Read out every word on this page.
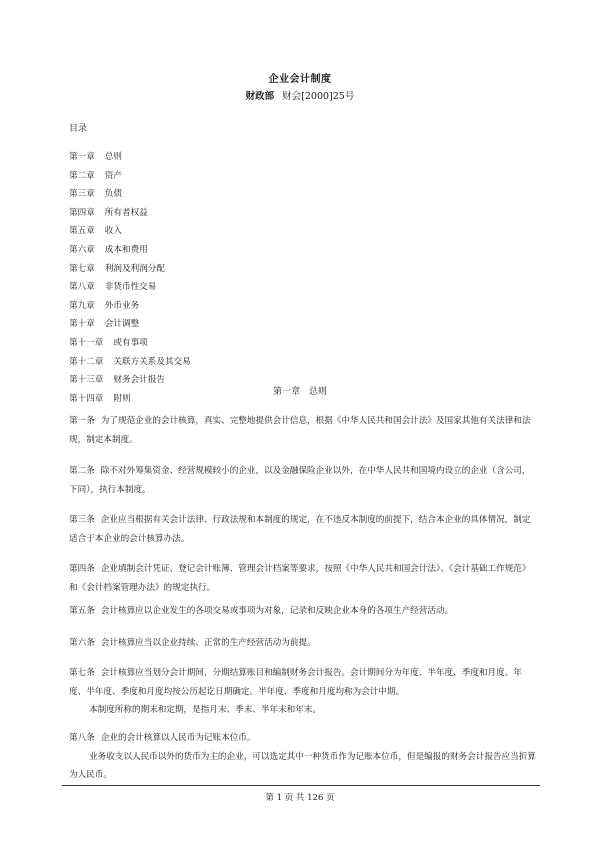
企业会计制度
财政部 财会[2000]25号
目录
第一章 总则
第二章 资产
第三章 负债
第四章 所有者权益
第五章 收入
第六章 成本和费用
第七章 利润及利润分配
第八章 非货币性交易
第九章 外币业务
第十章 会计调整
第十一章 或有事项
第十二章 关联方关系及其交易
第十三章 财务会计报告
第十四章 附则
第一章 总则

第一条 为了规范企业的会计核算，真实、完整地提供会计信息，根据《中华人民共和国会计法》及国家其他有关法律和法规，制定本制度。

第二条 除不对外筹集资金、经营规模较小的企业，以及金融保险企业以外，在中华人民共和国境内设立的企业（含公司，下同），执行本制度。

第三条 企业应当根据有关会计法律、行政法规和本制度的规定，在不违反本制度的前提下，结合本企业的具体情况，制定适合于本企业的会计核算办法。

第四条 企业填制会计凭证、登记会计账簿、管理会计档案等要求，按照《中华人民共和国会计法》、《会计基础工作规范》和《会计档案管理办法》的规定执行。

第五条 会计核算应以企业发生的各项交易或事项为对象，记录和反映企业本身的各项生产经营活动。

第六条 会计核算应当以企业持续、正常的生产经营活动为前提。

第七条 会计核算应当划分会计期间，分期结算账目和编制财务会计报告。会计期间分为年度、半年度、季度和月度。年度、半年度、季度和月度均按公历起讫日期确定。半年度、季度和月度均称为会计中期。
本制度所称的期末和定期，是指月末、季末、半年末和年末。

第八条 企业的会计核算以人民币为记账本位币。
业务收支以人民币以外的货币为主的企业，可以选定其中一种货币作为记账本位币，但是编报的财务会计报告应当折算为人民币。

第 1 页 共 126 页
